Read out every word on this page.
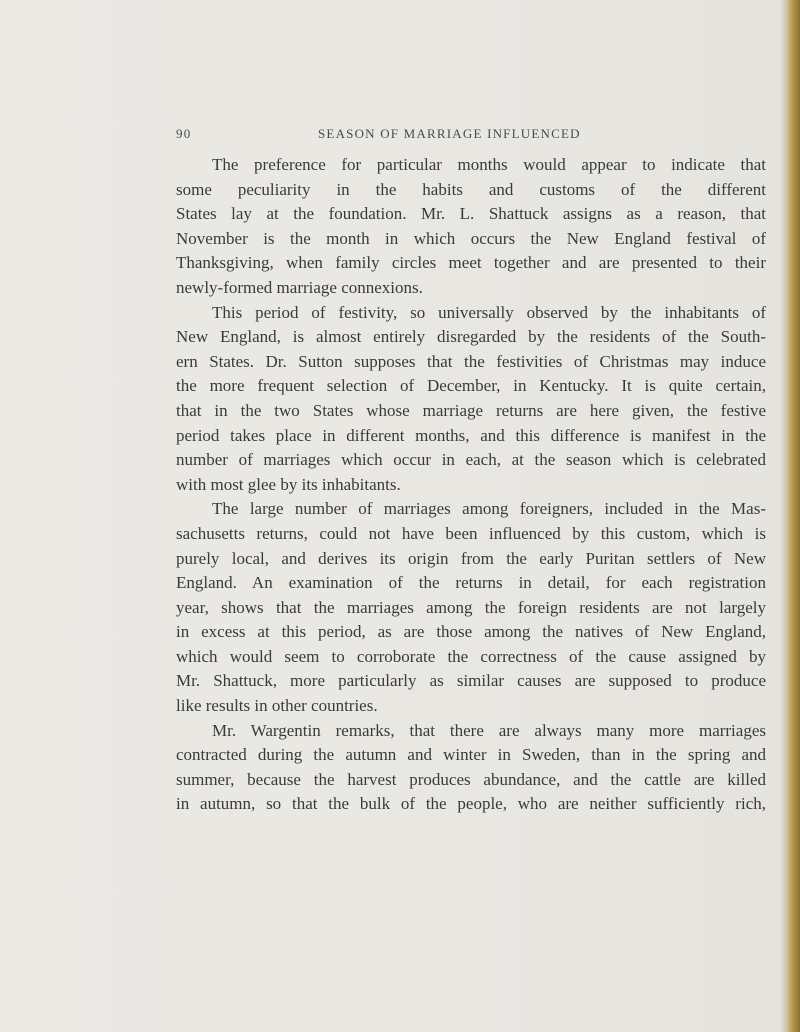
90	SEASON OF MARRIAGE INFLUENCED
The preference for particular months would appear to indicate that
some peculiarity in the habits and customs of the different
States lay at the foundation. Mr. L. Shattuck assigns as a reason, that
November is the month in which occurs the New England festival of
Thanksgiving, when family circles meet together and are presented to their
newly-formed marriage connexions.
This period of festivity, so universally observed by the inhabitants of
New England, is almost entirely disregarded by the residents of the South-
ern States. Dr. Sutton supposes that the festivities of Christmas may induce
the more frequent selection of December, in Kentucky. It is quite certain,
that in the two States whose marriage returns are here given, the festive
period takes place in different months, and this difference is manifest in the
number of marriages which occur in each, at the season which is celebrated
with most glee by its inhabitants.
The large number of marriages among foreigners, included in the Mas-
sachusetts returns, could not have been influenced by this custom, which is
purely local, and derives its origin from the early Puritan settlers of New
England. An examination of the returns in detail, for each registration
year, shows that the marriages among the foreign residents are not largely
in excess at this period, as are those among the natives of New England,
which would seem to corroborate the correctness of the cause assigned by
Mr. Shattuck, more particularly as similar causes are supposed to produce
like results in other countries.
Mr. Wargentin remarks, that there are always many more marriages
contracted during the autumn and winter in Sweden, than in the spring and
summer, because the harvest produces abundance, and the cattle are killed
in autumn, so that the bulk of the people, who are neither sufficiently rich,
